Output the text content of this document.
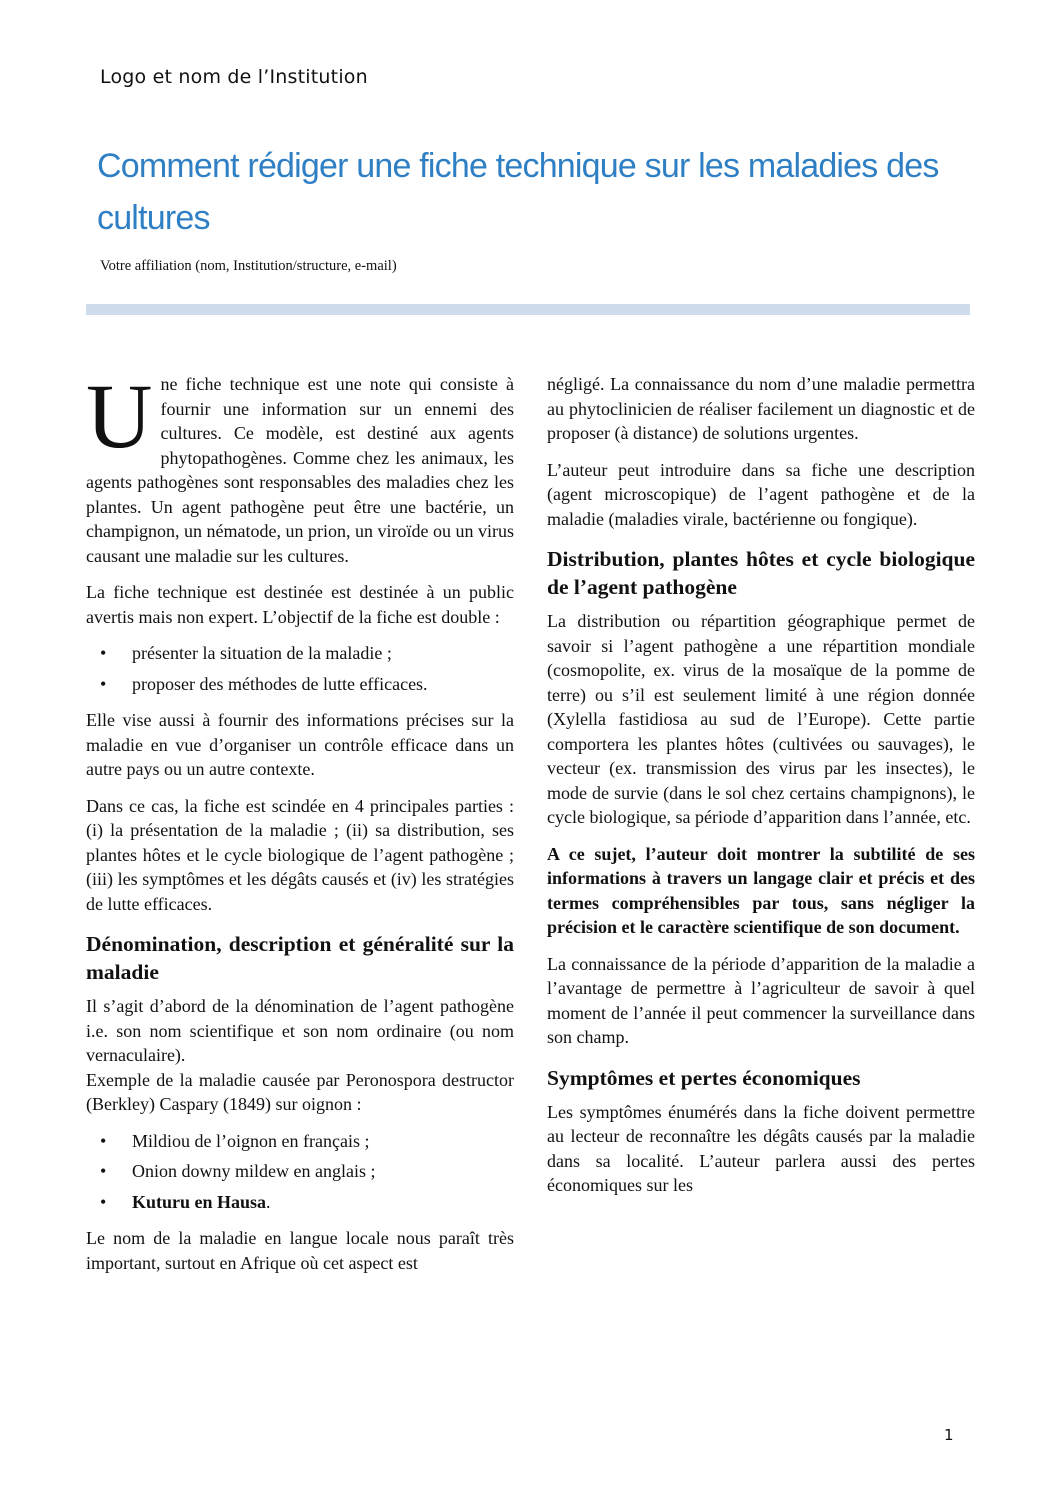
Logo et nom de l’Institution
Comment rédiger une fiche technique sur les maladies des cultures
Votre affiliation (nom, Institution/structure, e-mail)

Une fiche technique est une note qui consiste à fournir une information sur un ennemi des cultures. Ce modèle, est destiné aux agents phytopathogènes. Comme chez les animaux, les agents pathogènes sont responsables des maladies chez les plantes. Un agent pathogène peut être une bactérie, un champignon, un nématode, un prion, un viroïde ou un virus causant une maladie sur les cultures.

La fiche technique est destinée est destinée à un public avertis mais non expert. L’objectif de la fiche est double :

• présenter la situation de la maladie ;
• proposer des méthodes de lutte efficaces.

Elle vise aussi à fournir des informations précises sur la maladie en vue d’organiser un contrôle efficace dans un autre pays ou un autre contexte.

Dans ce cas, la fiche est scindée en 4 principales parties : (i) la présentation de la maladie ; (ii) sa distribution, ses plantes hôtes et le cycle biologique de l’agent pathogène ; (iii) les symptômes et les dégâts causés et (iv) les stratégies de lutte efficaces.

Dénomination, description et généralité sur la maladie

Il s’agit d’abord de la dénomination de l’agent pathogène i.e. son nom scientifique et son nom ordinaire (ou nom vernaculaire).

Exemple de la maladie causée par Peronospora destructor (Berkley) Caspary (1849) sur oignon :

• Mildiou de l’oignon en français ;
• Onion downy mildew en anglais ;
• Kuturu en Hausa.

Le nom de la maladie en langue locale nous paraît très important, surtout en Afrique où cet aspect est

négligé. La connaissance du nom d’une maladie permettra au phytoclinicien de réaliser facilement un diagnostic et de proposer (à distance) de solutions urgentes.

L’auteur peut introduire dans sa fiche une description (agent microscopique) de l’agent pathogène et de la maladie (maladies virale, bactérienne ou fongique).

Distribution, plantes hôtes et cycle biologique de l’agent pathogène

La distribution ou répartition géographique permet de savoir si l’agent pathogène a une répartition mondiale (cosmopolite, ex. virus de la mosaïque de la pomme de terre) ou s’il est seulement limité à une région donnée (Xylella fastidiosa au sud de l’Europe). Cette partie comportera les plantes hôtes (cultivées ou sauvages), le vecteur (ex. transmission des virus par les insectes), le mode de survie (dans le sol chez certains champignons), le cycle biologique, sa période d’apparition dans l’année, etc.

A ce sujet, l’auteur doit montrer la subtilité de ses informations à travers un langage clair et précis et des termes compréhensibles par tous, sans négliger la précision et le caractère scientifique de son document.

La connaissance de la période d’apparition de la maladie a l’avantage de permettre à l’agriculteur de savoir à quel moment de l’année il peut commencer la surveillance dans son champ.

Symptômes et pertes économiques

Les symptômes énumérés dans la fiche doivent permettre au lecteur de reconnaître les dégâts causés par la maladie dans sa localité. L’auteur parlera aussi des pertes économiques sur les

1
